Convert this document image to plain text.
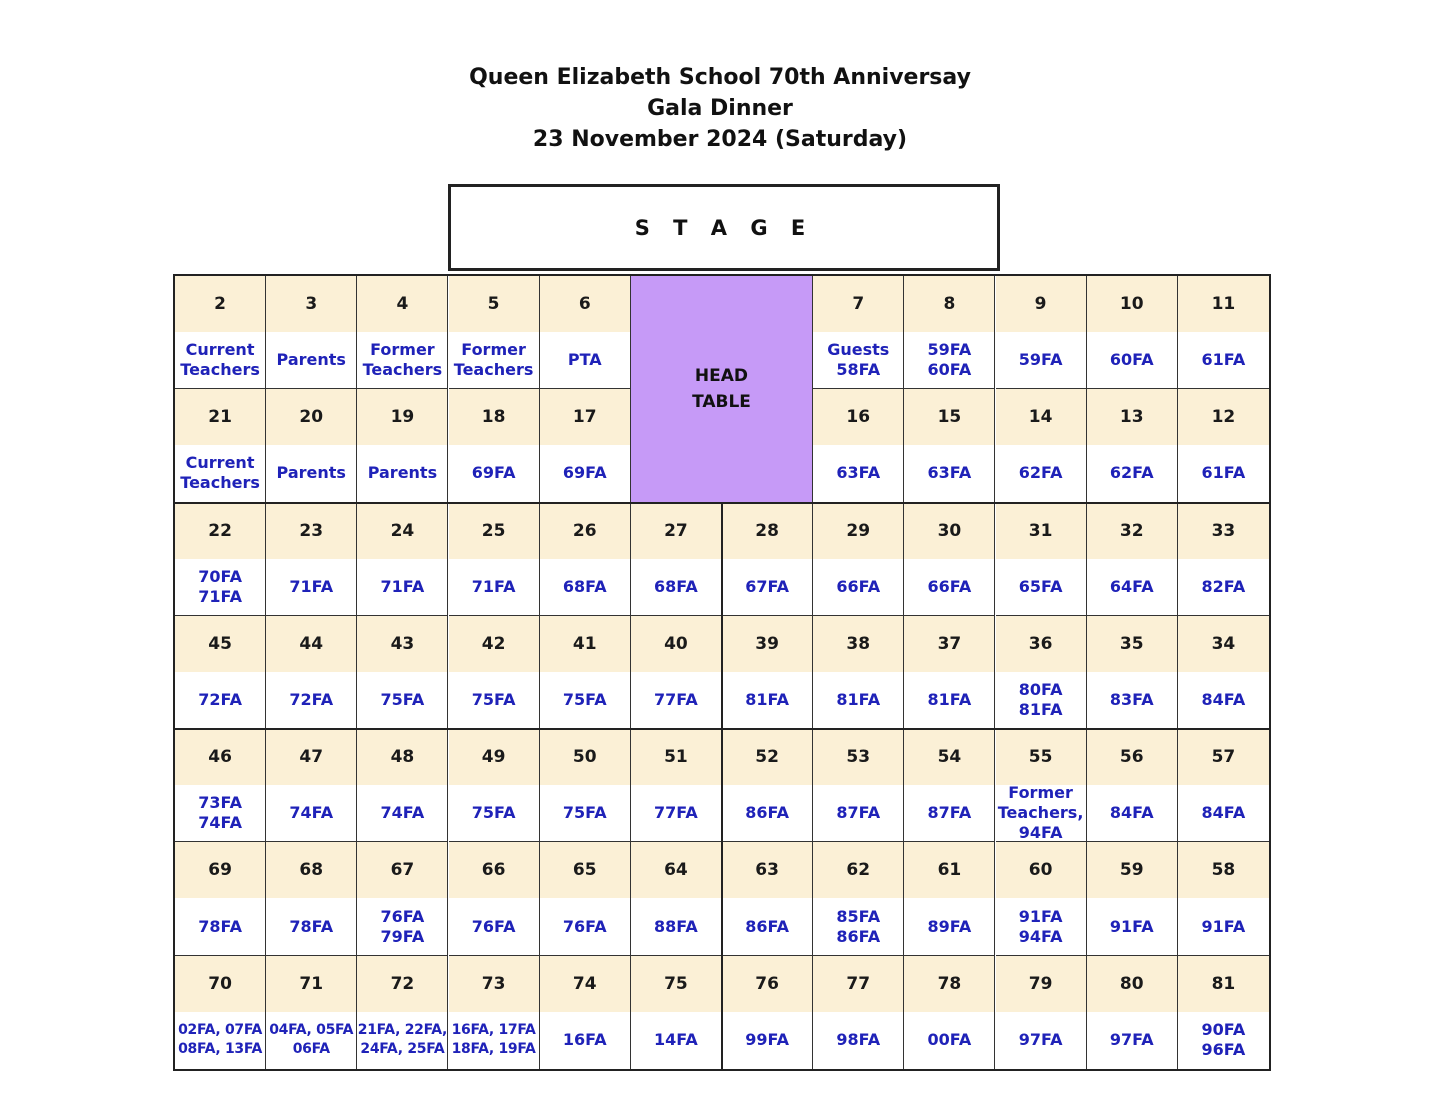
Queen Elizabeth School 70th Anniversay
Gala Dinner
23 November 2024 (Saturday)
S T A G E
2
Current
Teachers
3
Parents
4
Former
Teachers
5
Former
Teachers
6
PTA
7
Guests
58FA
8
59FA
60FA
9
59FA
10
60FA
11
61FA
21
Current
Teachers
20
Parents
19
Parents
18
69FA
17
69FA
16
63FA
15
63FA
14
62FA
13
62FA
12
61FA
22
70FA
71FA
23
71FA
24
71FA
25
71FA
26
68FA
27
68FA
28
67FA
29
66FA
30
66FA
31
65FA
32
64FA
33
82FA
45
72FA
44
72FA
43
75FA
42
75FA
41
75FA
40
77FA
39
81FA
38
81FA
37
81FA
36
80FA
81FA
35
83FA
34
84FA
46
73FA
74FA
47
74FA
48
74FA
49
75FA
50
75FA
51
77FA
52
86FA
53
87FA
54
87FA
55
Former
Teachers,
94FA
56
84FA
57
84FA
69
78FA
68
78FA
67
76FA
79FA
66
76FA
65
76FA
64
88FA
63
86FA
62
85FA
86FA
61
89FA
60
91FA
94FA
59
91FA
58
91FA
70
02FA, 07FA
08FA, 13FA
71
04FA, 05FA
06FA
72
21FA, 22FA,
24FA, 25FA
73
16FA, 17FA
18FA, 19FA
74
16FA
75
14FA
76
99FA
77
98FA
78
00FA
79
97FA
80
97FA
81
90FA
96FA
HEAD
TABLE
